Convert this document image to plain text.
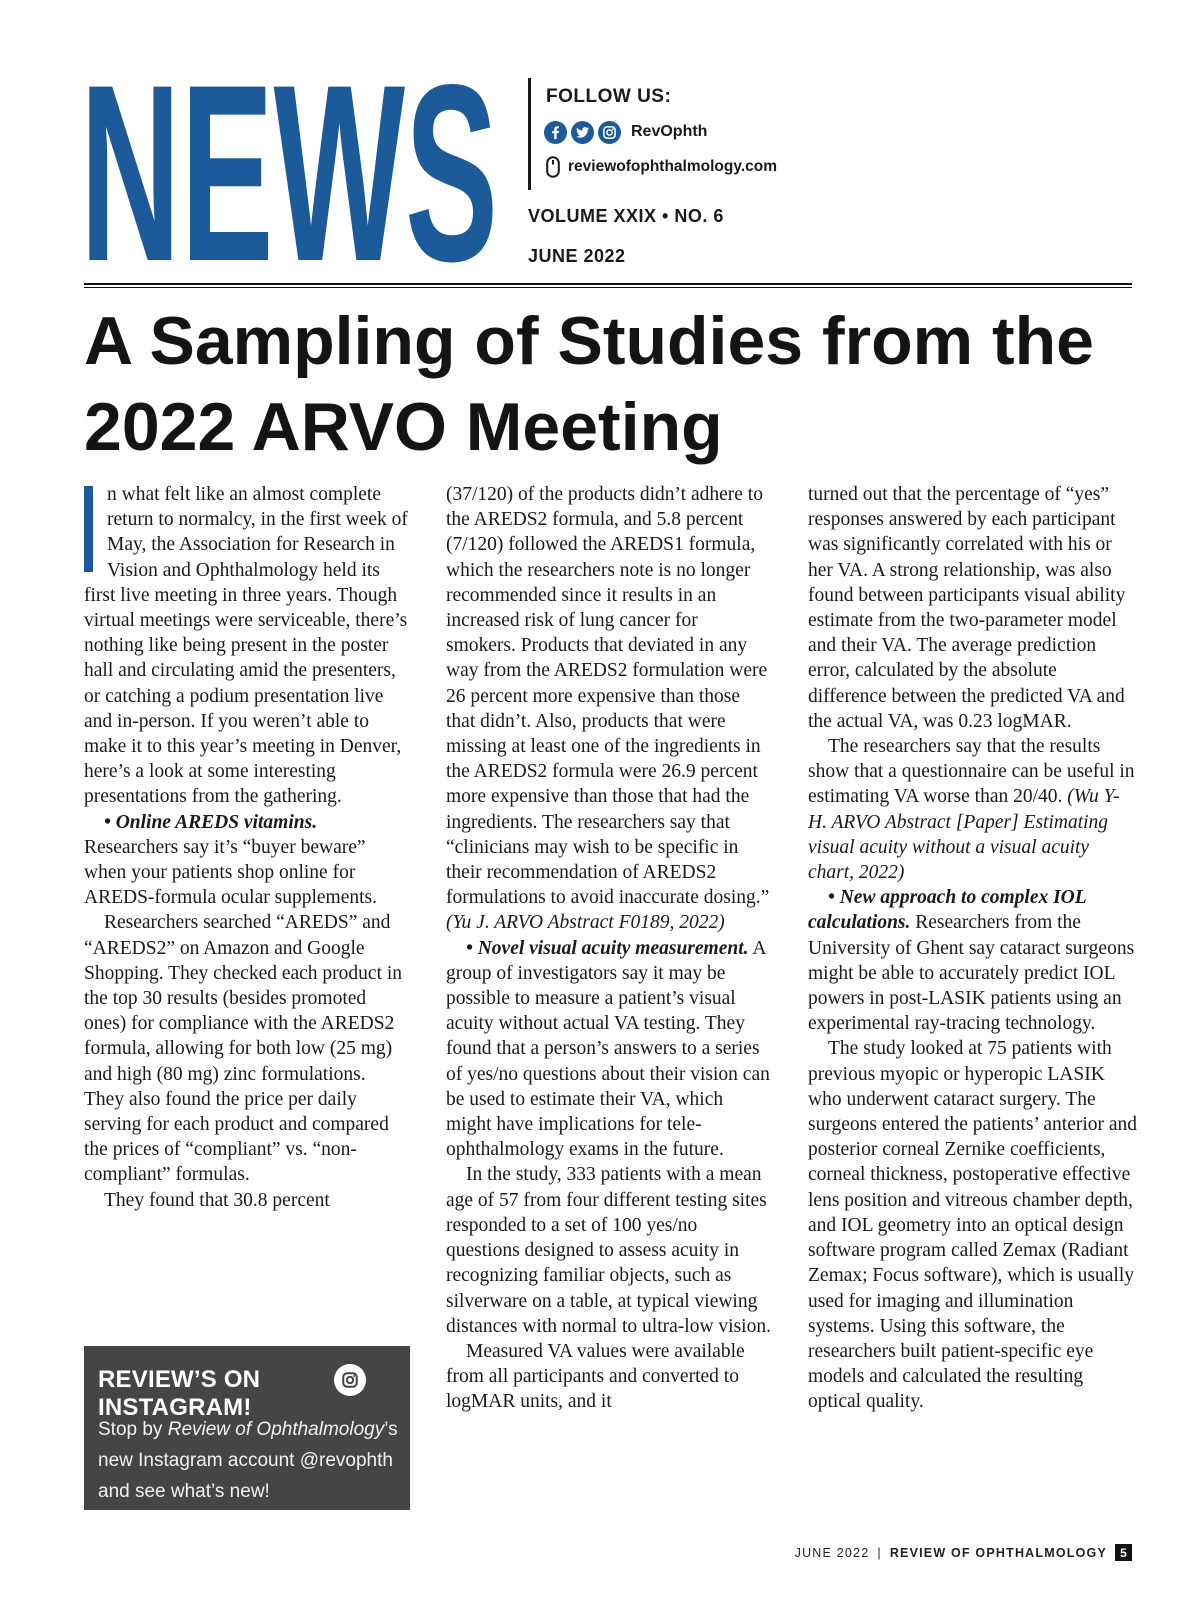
NEWS	FOLLOW US:
RevOphth
reviewofophthalmology.com
VOLUME XXIX • NO. 6
JUNE 2022
A Sampling of Studies from the
2022 ARVO Meeting

n what felt like an almost complete return to normalcy, in the first week of May, the Association for Research in Vision and Ophthalmology held its first live meeting in three years. Though virtual meetings were serviceable, there’s nothing like being present in the poster hall and circulating amid the presenters, or catching a podium presentation live and in-person. If you weren’t able to make it to this year’s meeting in Denver, here’s a look at some interesting presentations from the gathering.

• Online AREDS vitamins. Researchers say it’s “buyer beware” when your patients shop online for AREDS-formula ocular supplements.

Researchers searched “AREDS” and “AREDS2” on Amazon and Google Shopping. They checked each product in the top 30 results (besides promoted ones) for compliance with the AREDS2 formula, allowing for both low (25 mg) and high (80 mg) zinc formulations. They also found the price per daily serving for each product and compared the prices of “compliant” vs. “non-compliant” formulas.

They found that 30.8 percent

REVIEW’S ON INSTAGRAM!

Stop by Review of Ophthalmology’s new Instagram account @revophth and see what’s new!

(37/120) of the products didn’t adhere to the AREDS2 formula, and 5.8 percent (7/120) followed the AREDS1 formula, which the researchers note is no longer recommended since it results in an increased risk of lung cancer for smokers. Products that deviated in any way from the AREDS2 formulation were 26 percent more expensive than those that didn’t. Also, products that were missing at least one of the ingredients in the AREDS2 formula were 26.9 percent more expensive than those that had the ingredients. The researchers say that “clinicians may wish to be specific in their recommendation of AREDS2 formulations to avoid inaccurate dosing.” (Yu J. ARVO Abstract F0189, 2022)

• Novel visual acuity measurement. A group of investigators say it may be possible to measure a patient’s visual acuity without actual VA testing. They found that a person’s answers to a series of yes/no questions about their vision can be used to estimate their VA, which might have implications for tele-ophthalmology exams in the future.

In the study, 333 patients with a mean age of 57 from four different testing sites responded to a set of 100 yes/no questions designed to assess acuity in recognizing familiar objects, such as silverware on a table, at typical viewing distances with normal to ultra-low vision.

Measured VA values were available from all participants and converted to logMAR units, and it

turned out that the percentage of “yes” responses answered by each participant was significantly correlated with his or her VA. A strong relationship, was also found between participants visual ability estimate from the two-parameter model and their VA. The average prediction error, calculated by the absolute difference between the predicted VA and the actual VA, was 0.23 logMAR.

The researchers say that the results show that a questionnaire can be useful in estimating VA worse than 20/40. (Wu Y-H. ARVO Abstract [Paper] Estimating visual acuity without a visual acuity chart, 2022)

• New approach to complex IOL calculations. Researchers from the University of Ghent say cataract surgeons might be able to accurately predict IOL powers in post-LASIK patients using an experimental ray-tracing technology.

The study looked at 75 patients with previous myopic or hyperopic LASIK who underwent cataract surgery. The surgeons entered the patients’ anterior and posterior corneal Zernike coefficients, corneal thickness, postoperative effective lens position and vitreous chamber depth, and IOL geometry into an optical design software program called Zemax (Radiant Zemax; Focus software), which is usually used for imaging and illumination systems. Using this software, the researchers built patient-specific eye models and calculated the resulting optical quality.

JUNE 2022 | REVIEW OF OPHTHALMOLOGY	5
